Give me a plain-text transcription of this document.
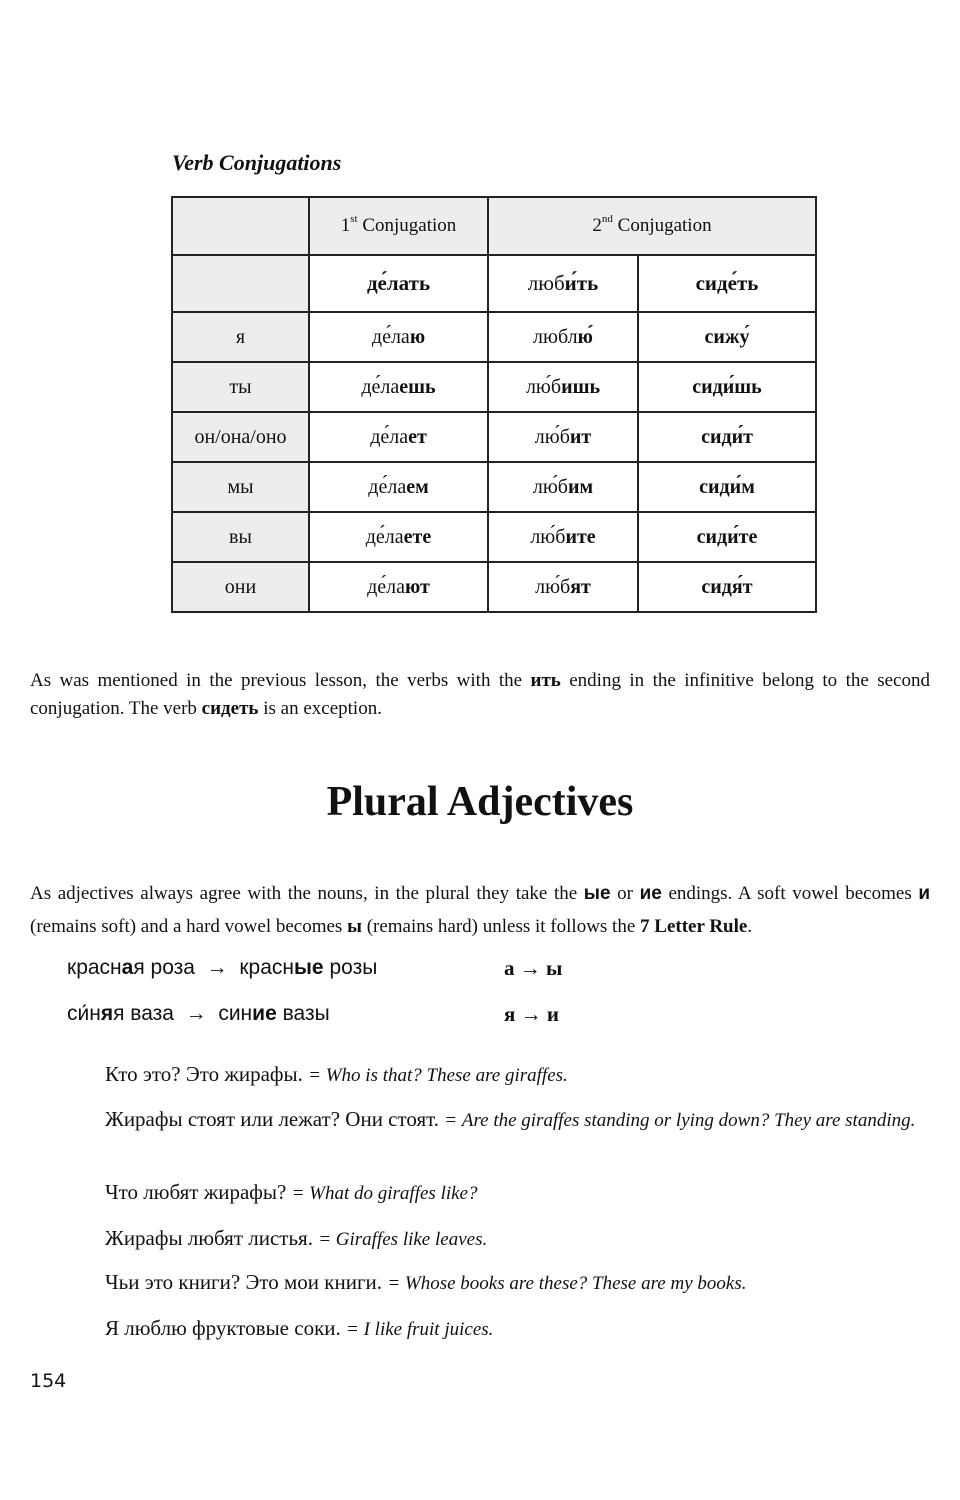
Verb Conjugations
	1st Conjugation	2nd Conjugation	
	де́лать	люби́ть	сиде́ть
я	де́лаю	люблю́	сижу́
ты	де́лаешь	лю́бишь	сиди́шь
он/она/оно	де́лает	лю́бит	сиди́т
мы	де́лаем	лю́бим	сиди́м
вы	де́лаете	лю́бите	сиди́те
они	де́лают	лю́бят	сидя́т
As was mentioned in the previous lesson, the verbs with the ить ending in the infinitive belong to the second conjugation. The verb сидеть is an exception.
Plural Adjectives
As adjectives always agree with the nouns, in the plural they take the ые or ие endings. A soft vowel becomes и (remains soft) and a hard vowel becomes ы (remains hard) unless it follows the 7 Letter Rule.
красная роза → красные розы	а → ы
си́няя ваза → синие вазы	я → и
Кто это? Это жирафы. = Who is that? These are giraffes.
Жирафы стоят или лежат? Они стоят. = Are the giraffes standing or lying down? They are standing.
Что любят жирафы? = What do giraffes like?
Жирафы любят листья. = Giraffes like leaves.
Чьи это книги? Это мои книги. = Whose books are these? These are my books.
Я люблю фруктовые соки. = I like fruit juices.
154
